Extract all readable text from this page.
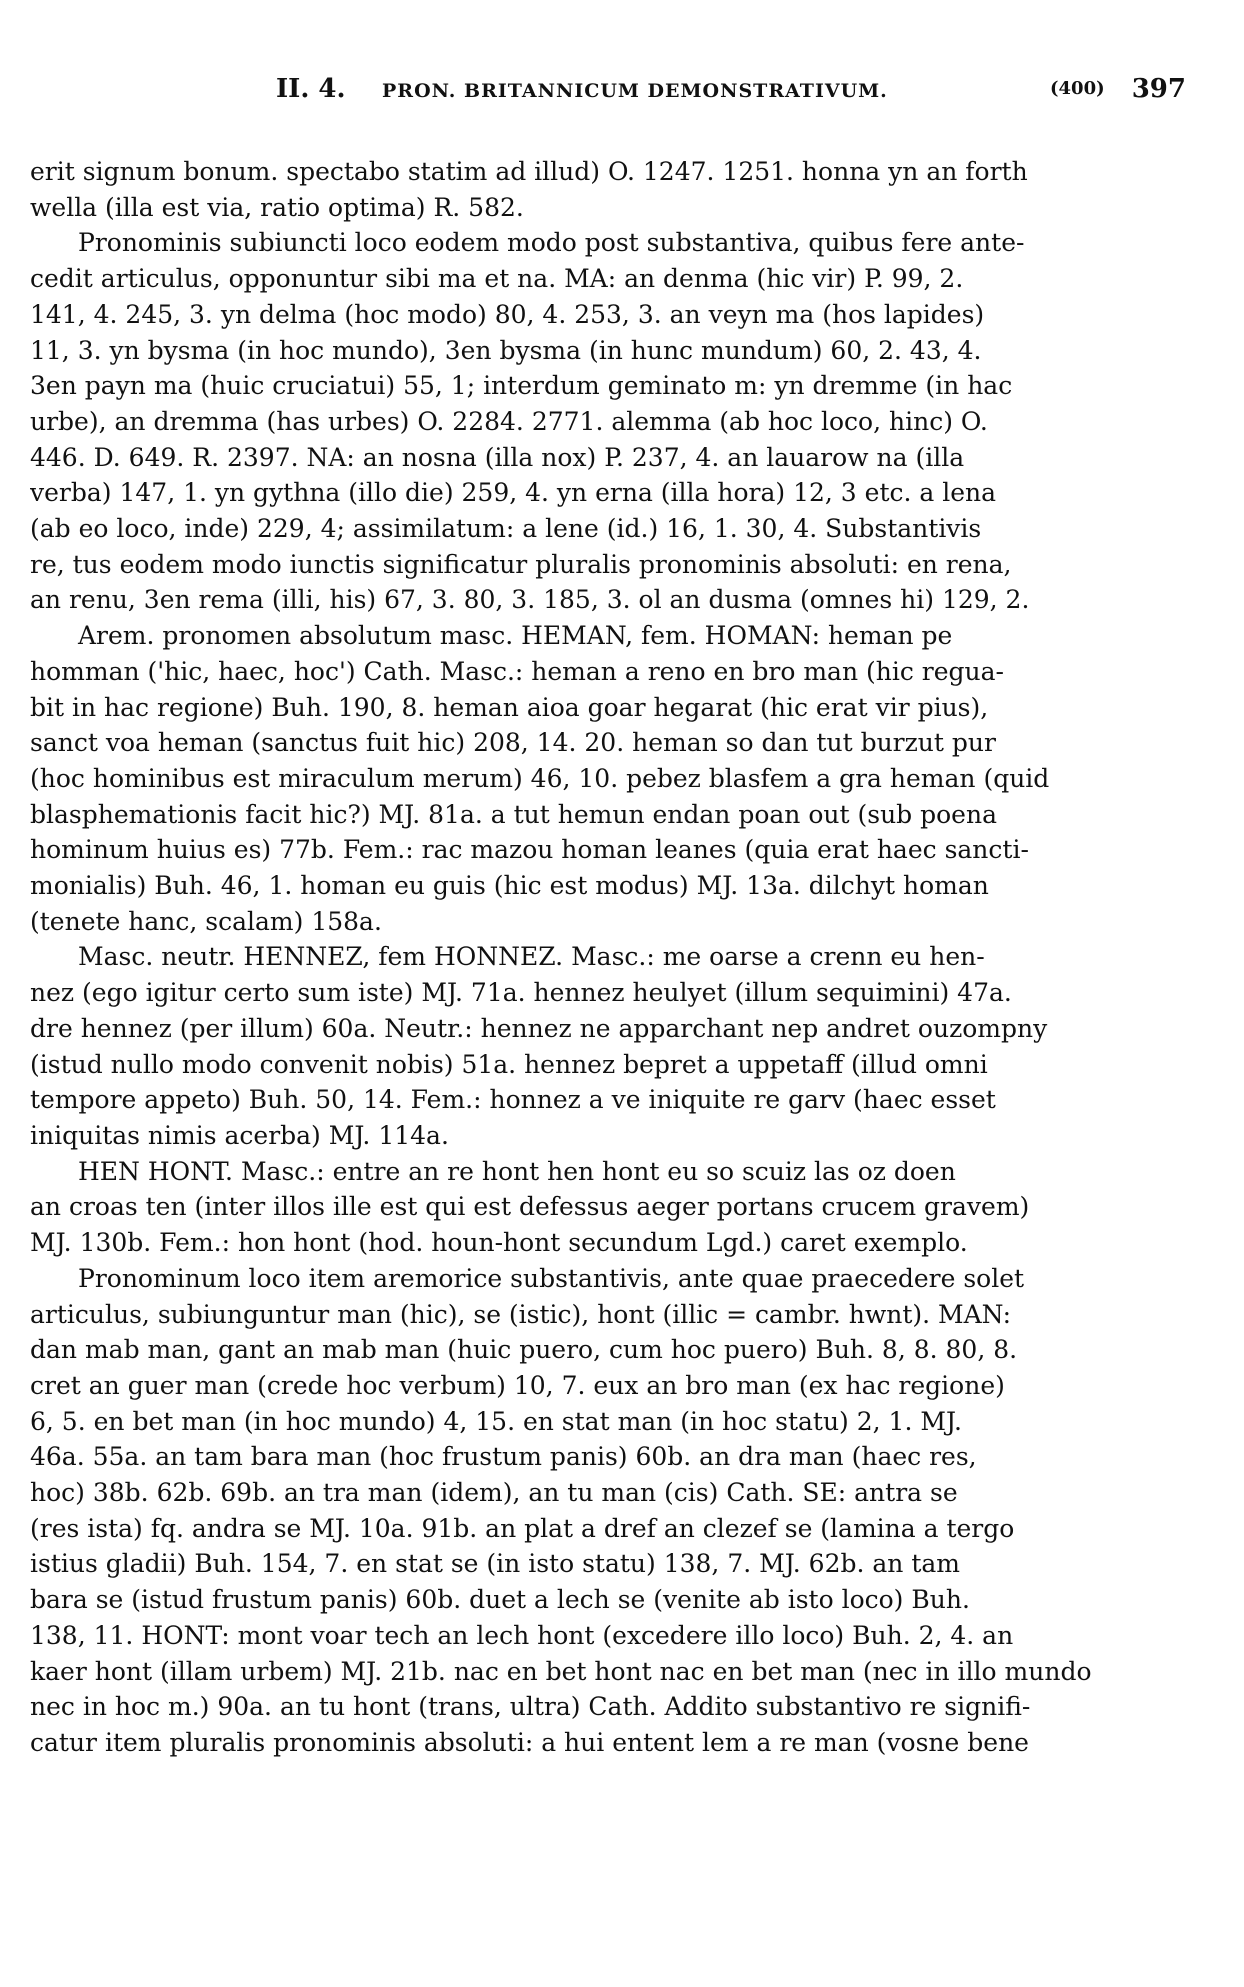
II. 4. PRON. BRITANNICUM DEMONSTRATIVUM.	(400) 397
erit signum bonum. spectabo statim ad illud) O. 1247. 1251. honna yn an forth
wella (illa est via, ratio optima) R. 582.
Pronominis subiuncti loco eodem modo post substantiva, quibus fere ante-
cedit articulus, opponuntur sibi ma et na. MA: an denma (hic vir) P. 99, 2.
141, 4. 245, 3. yn delma (hoc modo) 80, 4. 253, 3. an veyn ma (hos lapides)
11, 3. yn bysma (in hoc mundo), 3en bysma (in hunc mundum) 60, 2. 43, 4.
3en payn ma (huic cruciatui) 55, 1; interdum geminato m: yn dremme (in hac
urbe), an dremma (has urbes) O. 2284. 2771. alemma (ab hoc loco, hinc) O.
446. D. 649. R. 2397. NA: an nosna (illa nox) P. 237, 4. an lauarow na (illa
verba) 147, 1. yn gythna (illo die) 259, 4. yn erna (illa hora) 12, 3 etc. a lena
(ab eo loco, inde) 229, 4; assimilatum: a lene (id.) 16, 1. 30, 4. Substantivis
re, tus eodem modo iunctis significatur pluralis pronominis absoluti: en rena,
an renu, 3en rema (illi, his) 67, 3. 80, 3. 185, 3. ol an dusma (omnes hi) 129, 2.
Arem. pronomen absolutum masc. HEMAN, fem. HOMAN: heman pe
homman ('hic, haec, hoc') Cath. Masc.: heman a reno en bro man (hic regua-
bit in hac regione) Buh. 190, 8. heman aioa goar hegarat (hic erat vir pius),
sanct voa heman (sanctus fuit hic) 208, 14. 20. heman so dan tut burzut pur
(hoc hominibus est miraculum merum) 46, 10. pebez blasfem a gra heman (quid
blasphemationis facit hic?) MJ. 81a. a tut hemun endan poan out (sub poena
hominum huius es) 77b. Fem.: rac mazou homan leanes (quia erat haec sancti-
monialis) Buh. 46, 1. homan eu guis (hic est modus) MJ. 13a. dilchyt homan
(tenete hanc, scalam) 158a.
Masc. neutr. HENNEZ, fem HONNEZ. Masc.: me oarse a crenn eu hen-
nez (ego igitur certo sum iste) MJ. 71a. hennez heulyet (illum sequimini) 47a.
dre hennez (per illum) 60a. Neutr.: hennez ne apparchant nep andret ouzompny
(istud nullo modo convenit nobis) 51a. hennez bepret a uppetaff (illud omni
tempore appeto) Buh. 50, 14. Fem.: honnez a ve iniquite re garv (haec esset
iniquitas nimis acerba) MJ. 114a.
HEN HONT. Masc.: entre an re hont hen hont eu so scuiz las oz doen
an croas ten (inter illos ille est qui est defessus aeger portans crucem gravem)
MJ. 130b. Fem.: hon hont (hod. houn-hont secundum Lgd.) caret exemplo.
Pronominum loco item aremorice substantivis, ante quae praecedere solet
articulus, subiunguntur man (hic), se (istic), hont (illic = cambr. hwnt). MAN:
dan mab man, gant an mab man (huic puero, cum hoc puero) Buh. 8, 8. 80, 8.
cret an guer man (crede hoc verbum) 10, 7. eux an bro man (ex hac regione)
6, 5. en bet man (in hoc mundo) 4, 15. en stat man (in hoc statu) 2, 1. MJ.
46a. 55a. an tam bara man (hoc frustum panis) 60b. an dra man (haec res,
hoc) 38b. 62b. 69b. an tra man (idem), an tu man (cis) Cath. SE: antra se
(res ista) fq. andra se MJ. 10a. 91b. an plat a dref an clezef se (lamina a tergo
istius gladii) Buh. 154, 7. en stat se (in isto statu) 138, 7. MJ. 62b. an tam
bara se (istud frustum panis) 60b. duet a lech se (venite ab isto loco) Buh.
138, 11. HONT: mont voar tech an lech hont (excedere illo loco) Buh. 2, 4. an
kaer hont (illam urbem) MJ. 21b. nac en bet hont nac en bet man (nec in illo mundo
nec in hoc m.) 90a. an tu hont (trans, ultra) Cath. Addito substantivo re signifi-
catur item pluralis pronominis absoluti: a hui entent lem a re man (vosne bene
